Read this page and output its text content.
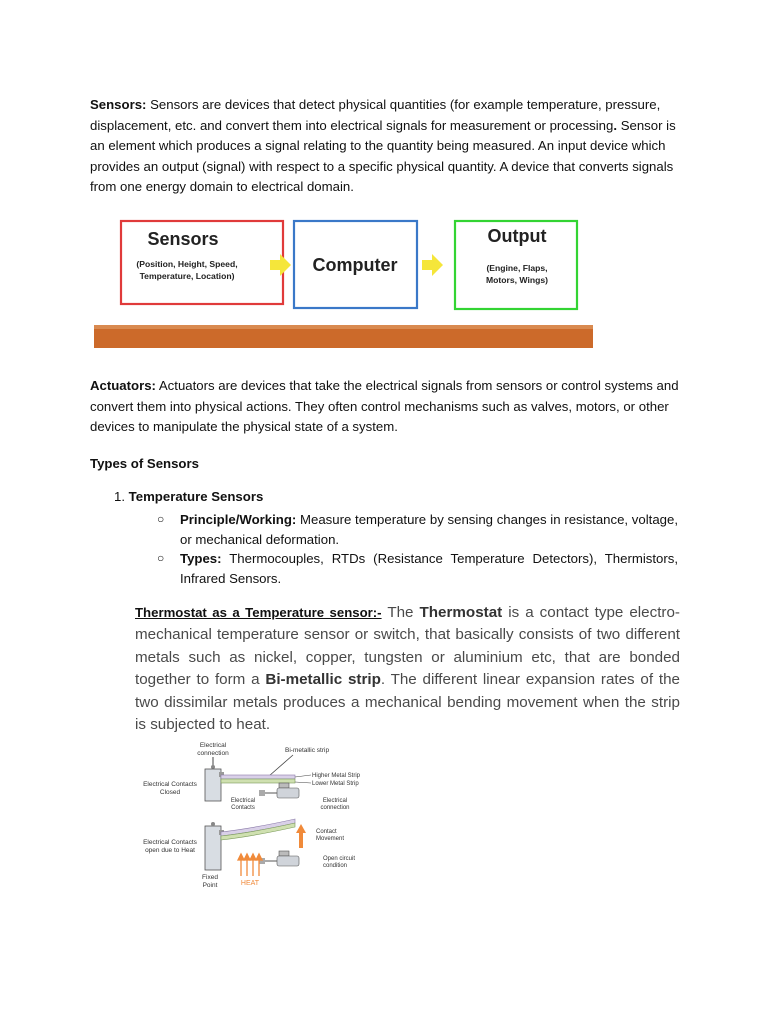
Sensors: Sensors are devices that detect physical quantities (for example temperature, pressure, displacement, etc. and convert them into electrical signals for measurement or processing. Sensor is an element which produces a signal relating to the quantity being measured. An input device which provides an output (signal) with respect to a specific physical quantity. A device that converts signals from one energy domain to electrical domain.

Sensors
(Position, Height, Speed,
Temperature, Location)
Computer
Output
(Engine, Flaps,
Motors, Wings)

Actuators: Actuators are devices that take the electrical signals from sensors or control systems and convert them into physical actions. They often control mechanisms such as valves, motors, or other devices to manipulate the physical state of a system.

Types of Sensors

1. Temperature Sensors
○ Principle/Working: Measure temperature by sensing changes in resistance, voltage, or mechanical deformation.
○ Types: Thermocouples, RTDs (Resistance Temperature Detectors), Thermistors, Infrared Sensors.

Thermostat as a Temperature sensor:- The Thermostat is a contact type electro-mechanical temperature sensor or switch, that basically consists of two different metals such as nickel, copper, tungsten or aluminium etc, that are bonded together to form a Bi-metallic strip. The different linear expansion rates of the two dissimilar metals produces a mechanical bending movement when the strip is subjected to heat.

Electrical
connection	Bi-metallic strip
Higher Metal Strip
Lower Metal Strip
Electrical Contacts
Closed
Electrical
Contacts
Electrical
connection
Contact
Movement
Open circuit
condition
Electrical Contacts
open due to Heat
HEAT
Fixed
Point
